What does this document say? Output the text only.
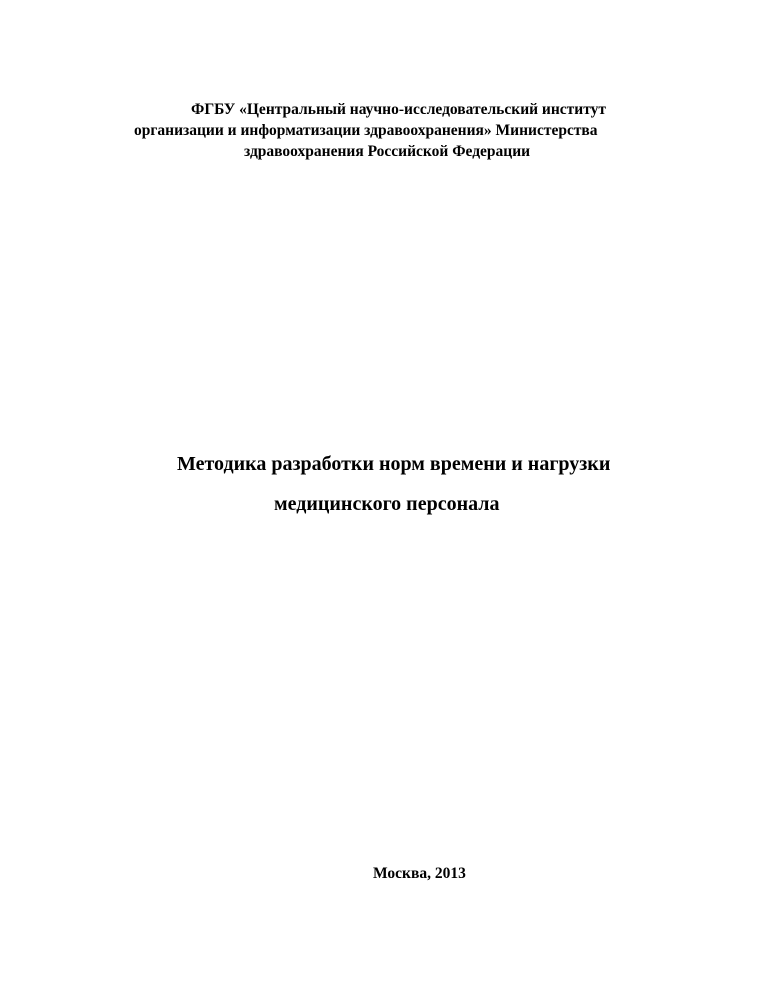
ФГБУ «Центральный научно-исследовательский институт
организации и информатизации здравоохранения» Министерства
здравоохранения Российской Федерации
Методика разработки норм времени и нагрузки
медицинского персонала
Москва, 2013
